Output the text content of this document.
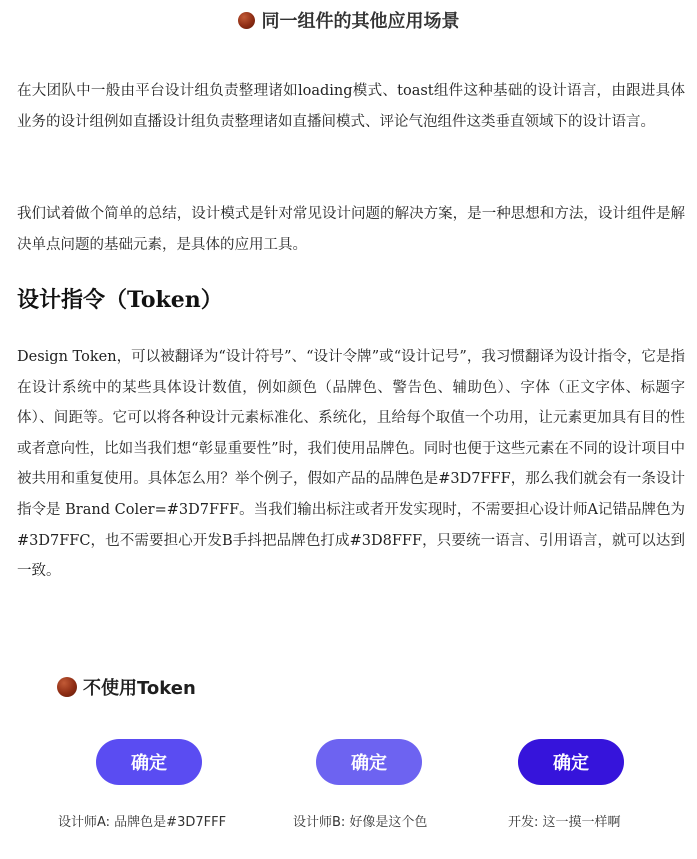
同一组件的其他应用场景

在大团队中一般由平台设计组负责整理诸如loading模式、toast组件这种基础的设计语言，由跟进具体业务的设计组例如直播设计组负责整理诸如直播间模式、评论气泡组件这类垂直领域下的设计语言。

我们试着做个简单的总结，设计模式是针对常见设计问题的解决方案，是一种思想和方法，设计组件是解决单点问题的基础元素，是具体的应用工具。

设计指令（Token）

Design Token，可以被翻译为“设计符号”、“设计令牌”或“设计记号”，我习惯翻译为设计指令，它是指在设计系统中的某些具体设计数值，例如颜色（品牌色、警告色、辅助色）、字体（正文字体、标题字体）、间距等。它可以将各种设计元素标准化、系统化，且给每个取值一个功用，让元素更加具有目的性或者意向性，比如当我们想“彰显重要性”时，我们使用品牌色。同时也便于这些元素在不同的设计项目中被共用和重复使用。具体怎么用？举个例子，假如产品的品牌色是#3D7FFF，那么我们就会有一条设计指令是 Brand Coler=#3D7FFF。当我们输出标注或者开发实现时，不需要担心设计师A记错品牌色为#3D7FFC，也不需要担心开发B手抖把品牌色打成#3D8FFF，只要统一语言、引用语言，就可以达到一致。

不使用Token
确定	确定	确定
设计师A: 品牌色是#3D7FFF	设计师B: 好像是这个色	开发: 这一摸一样啊
